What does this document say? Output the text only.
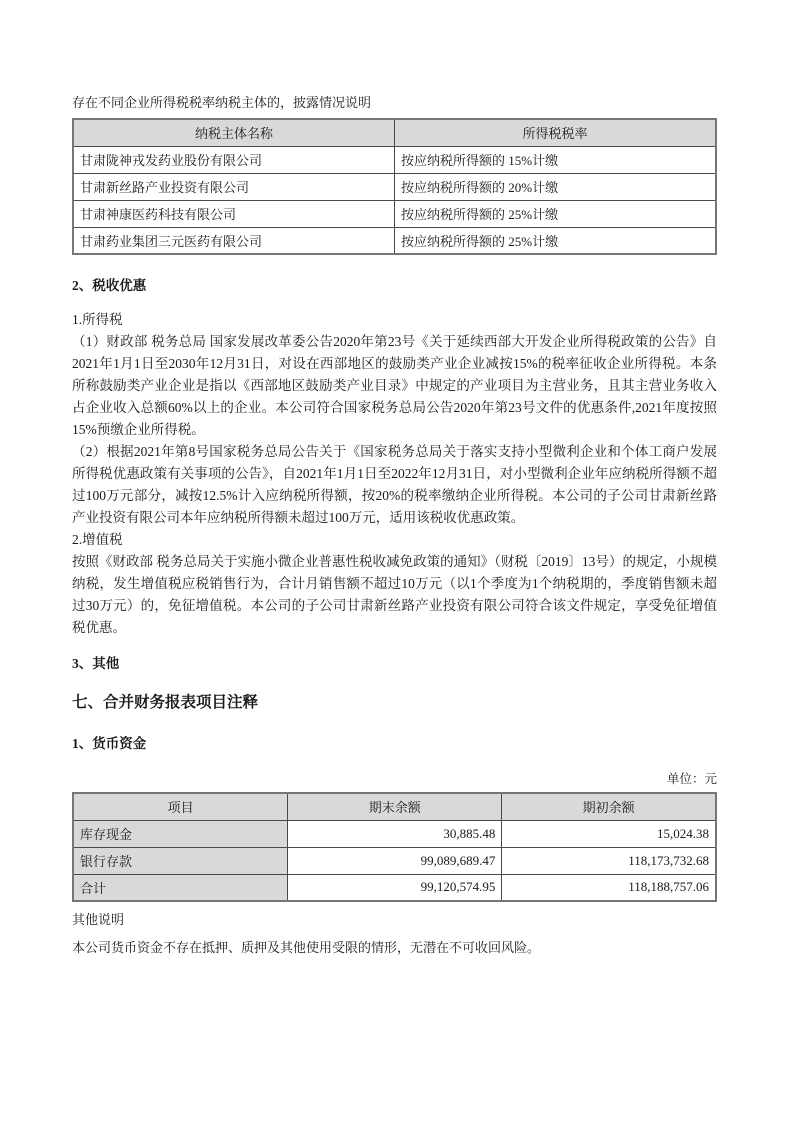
存在不同企业所得税税率纳税主体的，披露情况说明

纳税主体名称	所得税税率
甘肃陇神戎发药业股份有限公司	按应纳税所得额的 15%计缴
甘肃新丝路产业投资有限公司	按应纳税所得额的 20%计缴
甘肃神康医药科技有限公司	按应纳税所得额的 25%计缴
甘肃药业集团三元医药有限公司	按应纳税所得额的 25%计缴
2、税收优惠

1.所得税

（1）财政部 税务总局 国家发展改革委公告2020年第23号《关于延续西部大开发企业所得税政策的公告》自2021年1月1日至2030年12月31日，对设在西部地区的鼓励类产业企业减按15%的税率征收企业所得税。本条所称鼓励类产业企业是指以《西部地区鼓励类产业目录》中规定的产业项目为主营业务，且其主营业务收入占企业收入总额60%以上的企业。本公司符合国家税务总局公告2020年第23号文件的优惠条件,2021年度按照15%预缴企业所得税。

（2）根据2021年第8号国家税务总局公告关于《国家税务总局关于落实支持小型微利企业和个体工商户发展所得税优惠政策有关事项的公告》，自2021年1月1日至2022年12月31日，对小型微利企业年应纳税所得额不超过100万元部分，减按12.5%计入应纳税所得额，按20%的税率缴纳企业所得税。本公司的子公司甘肃新丝路产业投资有限公司本年应纳税所得额未超过100万元，适用该税收优惠政策。

2.增值税

按照《财政部 税务总局关于实施小微企业普惠性税收减免政策的通知》（财税〔2019〕13号）的规定，小规模纳税，发生增值税应税销售行为，合计月销售额不超过10万元（以1个季度为1个纳税期的，季度销售额未超过30万元）的，免征增值税。本公司的子公司甘肃新丝路产业投资有限公司符合该文件规定，享受免征增值税优惠。

3、其他
七、合并财务报表项目注释
1、货币资金
单位：元
项目	期末余额	期初余额
库存现金	30,885.48	15,024.38
银行存款	99,089,689.47	118,173,732.68
合计	99,120,574.95	118,188,757.06

其他说明

本公司货币资金不存在抵押、质押及其他使用受限的情形，无潜在不可收回风险。
